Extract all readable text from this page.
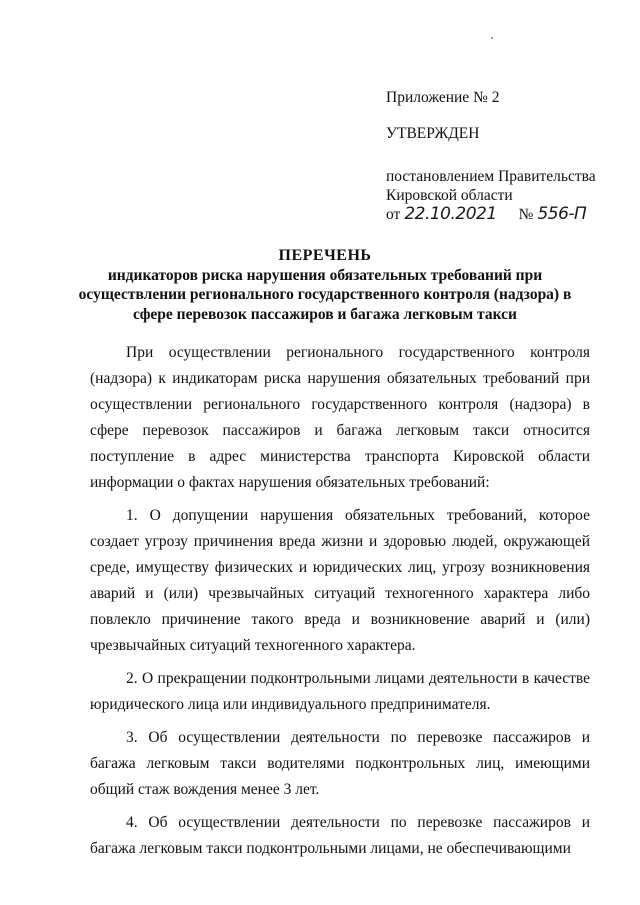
Приложение № 2
УТВЕРЖДЕН
постановлением Правительства
Кировской области
от 22.10.2021 № 556-П
ПЕРЕЧЕНЬ
индикаторов риска нарушения обязательных требований при
осуществлении регионального государственного контроля (надзора) в
сфере перевозок пассажиров и багажа легковым такси

При осуществлении регионального государственного контроля (надзора) к индикаторам риска нарушения обязательных требований при осуществлении регионального государственного контроля (надзора) в сфере перевозок пассажиров и багажа легковым такси относится поступление в адрес министерства транспорта Кировской области информации о фактах нарушения обязательных требований:

1. О допущении нарушения обязательных требований, которое создает угрозу причинения вреда жизни и здоровью людей, окружающей среде, имуществу физических и юридических лиц, угрозу возникновения аварий и (или) чрезвычайных ситуаций техногенного характера либо повлекло причинение такого вреда и возникновение аварий и (или) чрезвычайных ситуаций техногенного характера.

2. О прекращении подконтрольными лицами деятельности в качестве юридического лица или индивидуального предпринимателя.

3. Об осуществлении деятельности по перевозке пассажиров и багажа легковым такси водителями подконтрольных лиц, имеющими общий стаж вождения менее 3 лет.

4. Об осуществлении деятельности по перевозке пассажиров и багажа легковым такси подконтрольными лицами, не обеспечивающими
